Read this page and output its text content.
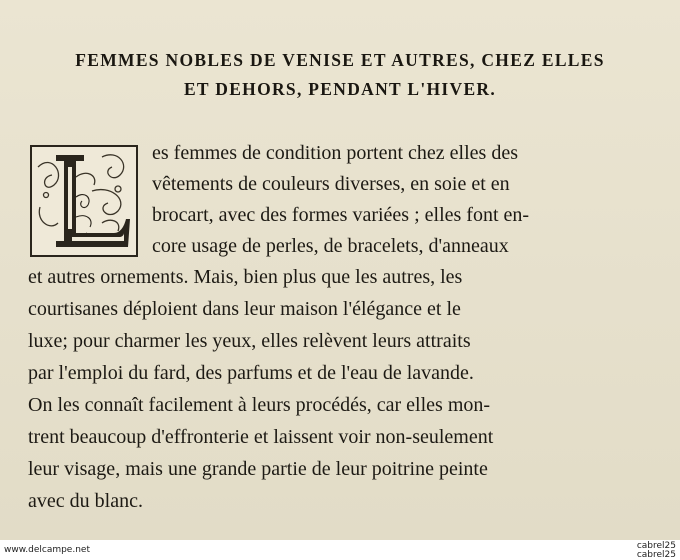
FEMMES NOBLES DE VENISE ET AUTRES, CHEZ ELLES
ET DEHORS, PENDANT L'HIVER.
es femmes de condition portent chez elles des
vêtements de couleurs diverses, en soie et en
brocart, avec des formes variées ; elles font en-
core usage de perles, de bracelets, d'anneaux
et autres ornements. Mais, bien plus que les autres, les
courtisanes déploient dans leur maison l'élégance et le
luxe; pour charmer les yeux, elles relèvent leurs attraits
par l'emploi du fard, des parfums et de l'eau de lavande.
On les connaît facilement à leurs procédés, car elles mon-
trent beaucoup d'effronterie et laissent voir non-seulement
leur visage, mais une grande partie de leur poitrine peinte
avec du blanc.
www.delcampe.net	cabrel25
cabrel25
